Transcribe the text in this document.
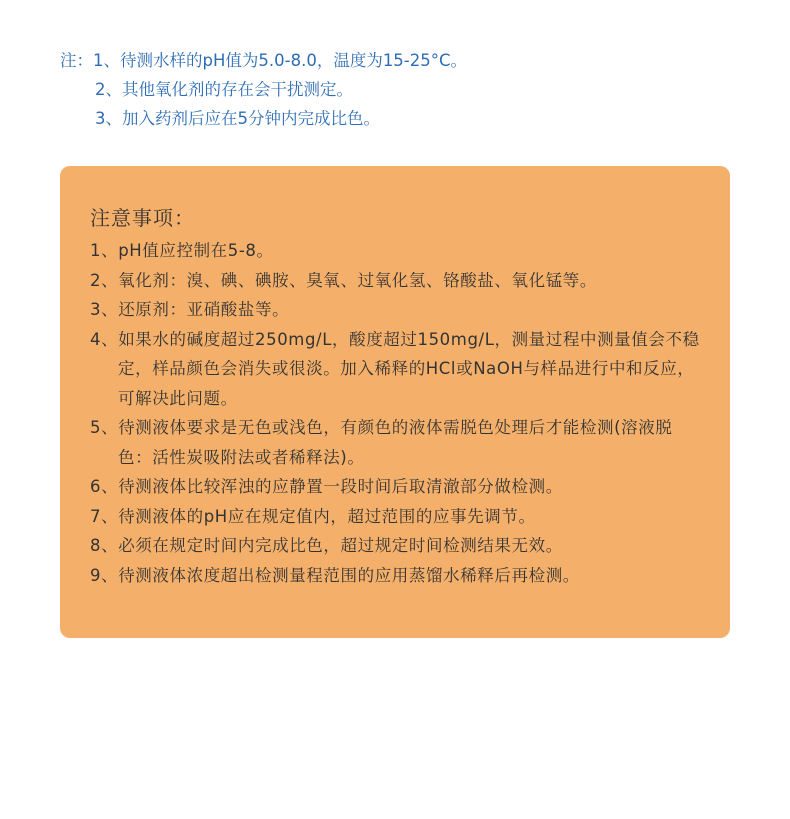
注：1、待测水样的pH值为5.0-8.0，温度为15-25°C。
2、其他氧化剂的存在会干扰测定。
3、加入药剂后应在5分钟内完成比色。
注意事项：
1、pH值应控制在5-8。
2、氧化剂：溴、碘、碘胺、臭氧、过氧化氢、铬酸盐、氧化锰等。
3、还原剂：亚硝酸盐等。
4、如果水的碱度超过250mg/L，酸度超过150mg/L，测量过程中测量值会不稳定，样品颜色会消失或很淡。加入稀释的HCl或NaOH与样品进行中和反应，可解决此问题。
5、待测液体要求是无色或浅色，有颜色的液体需脱色处理后才能检测(溶液脱色：活性炭吸附法或者稀释法)。
6、待测液体比较浑浊的应静置一段时间后取清澈部分做检测。
7、待测液体的pH应在规定值内，超过范围的应事先调节。
8、必须在规定时间内完成比色，超过规定时间检测结果无效。
9、待测液体浓度超出检测量程范围的应用蒸馏水稀释后再检测。
